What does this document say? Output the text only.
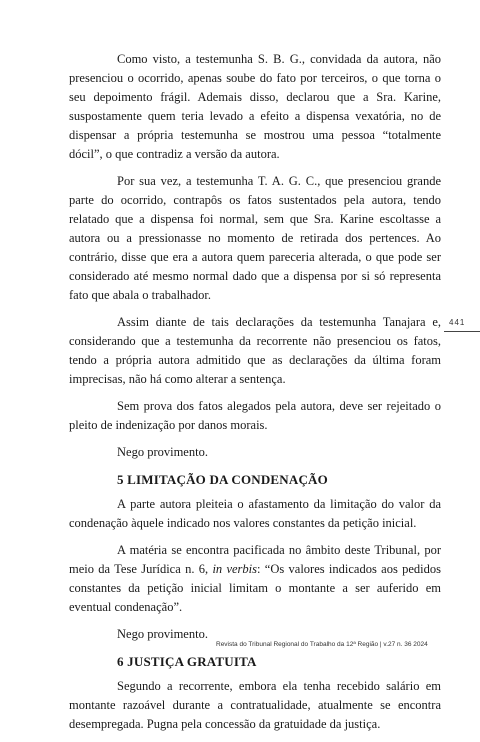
Como visto, a testemunha S. B. G., convidada da autora, não presenciou o ocorrido, apenas soube do fato por terceiros, o que torna o seu depoimento frágil. Ademais disso, declarou que a Sra. Karine, suspostamente quem teria levado a efeito a dispensa vexatória, no de dispensar a própria testemunha se mostrou uma pessoa “totalmente dócil”, o que contradiz a versão da autora.

Por sua vez, a testemunha T. A. G. C., que presenciou grande parte do ocorrido, contrapôs os fatos sustentados pela autora, tendo relatado que a dispensa foi normal, sem que Sra. Karine escoltasse a autora ou a pressionasse no momento de retirada dos pertences. Ao contrário, disse que era a autora quem pareceria alterada, o que pode ser considerado até mesmo normal dado que a dispensa por si só representa fato que abala o trabalhador.

Assim diante de tais declarações da testemunha Tanajara e, considerando que a testemunha da recorrente não presenciou os fatos, tendo a própria autora admitido que as declarações da última foram imprecisas, não há como alterar a sentença.

Sem prova dos fatos alegados pela autora, deve ser rejeitado o pleito de indenização por danos morais.

Nego provimento.

5 LIMITAÇÃO DA CONDENAÇÃO

A parte autora pleiteia o afastamento da limitação do valor da condenação àquele indicado nos valores constantes da petição inicial.

A matéria se encontra pacificada no âmbito deste Tribunal, por meio da Tese Jurídica n. 6, in verbis: “Os valores indicados aos pedidos constantes da petição inicial limitam o montante a ser auferido em eventual condenação”.

Nego provimento.

6 JUSTIÇA GRATUITA

Segundo a recorrente, embora ela tenha recebido salário em montante razoável durante a contratualidade, atualmente se encontra desempregada. Pugna pela concessão da gratuidade da justiça.

441
Revista do Tribunal Regional do Trabalho da 12ª Região | v.27 n. 36 2024
